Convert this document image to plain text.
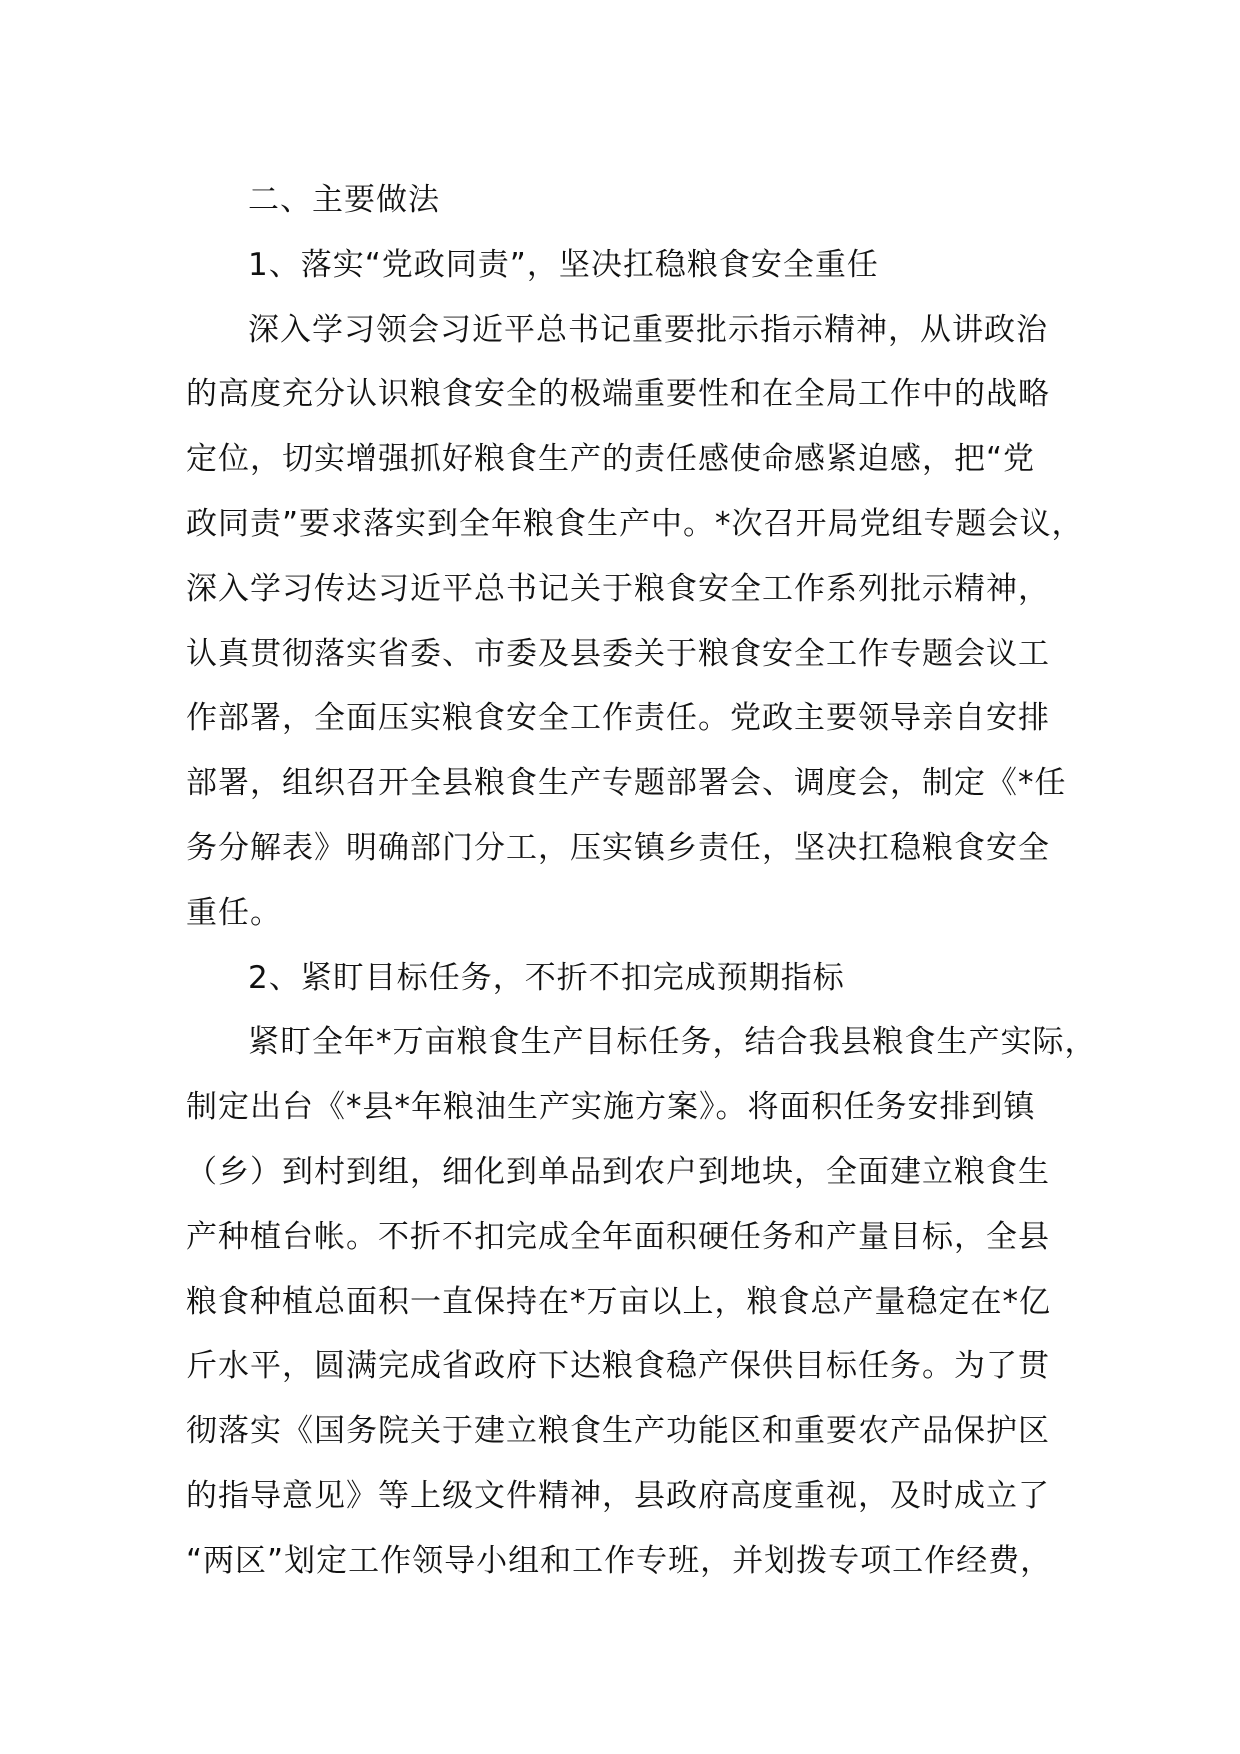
二、主要做法
1、落实“党政同责”，坚决扛稳粮食安全重任
深入学习领会习近平总书记重要批示指示精神，从讲政治
的高度充分认识粮食安全的极端重要性和在全局工作中的战略
定位，切实增强抓好粮食生产的责任感使命感紧迫感，把“党
政同责”要求落实到全年粮食生产中。*次召开局党组专题会议，
深入学习传达习近平总书记关于粮食安全工作系列批示精神，
认真贯彻落实省委、市委及县委关于粮食安全工作专题会议工
作部署，全面压实粮食安全工作责任。党政主要领导亲自安排
部署，组织召开全县粮食生产专题部署会、调度会，制定《*任
务分解表》明确部门分工，压实镇乡责任，坚决扛稳粮食安全
重任。
2、紧盯目标任务，不折不扣完成预期指标
紧盯全年*万亩粮食生产目标任务，结合我县粮食生产实际，
制定出台《*县*年粮油生产实施方案》。将面积任务安排到镇
（乡）到村到组，细化到单品到农户到地块，全面建立粮食生
产种植台帐。不折不扣完成全年面积硬任务和产量目标，全县
粮食种植总面积一直保持在*万亩以上，粮食总产量稳定在*亿
斤水平，圆满完成省政府下达粮食稳产保供目标任务。为了贯
彻落实《国务院关于建立粮食生产功能区和重要农产品保护区
的指导意见》等上级文件精神，县政府高度重视，及时成立了
“两区”划定工作领导小组和工作专班，并划拨专项工作经费，
